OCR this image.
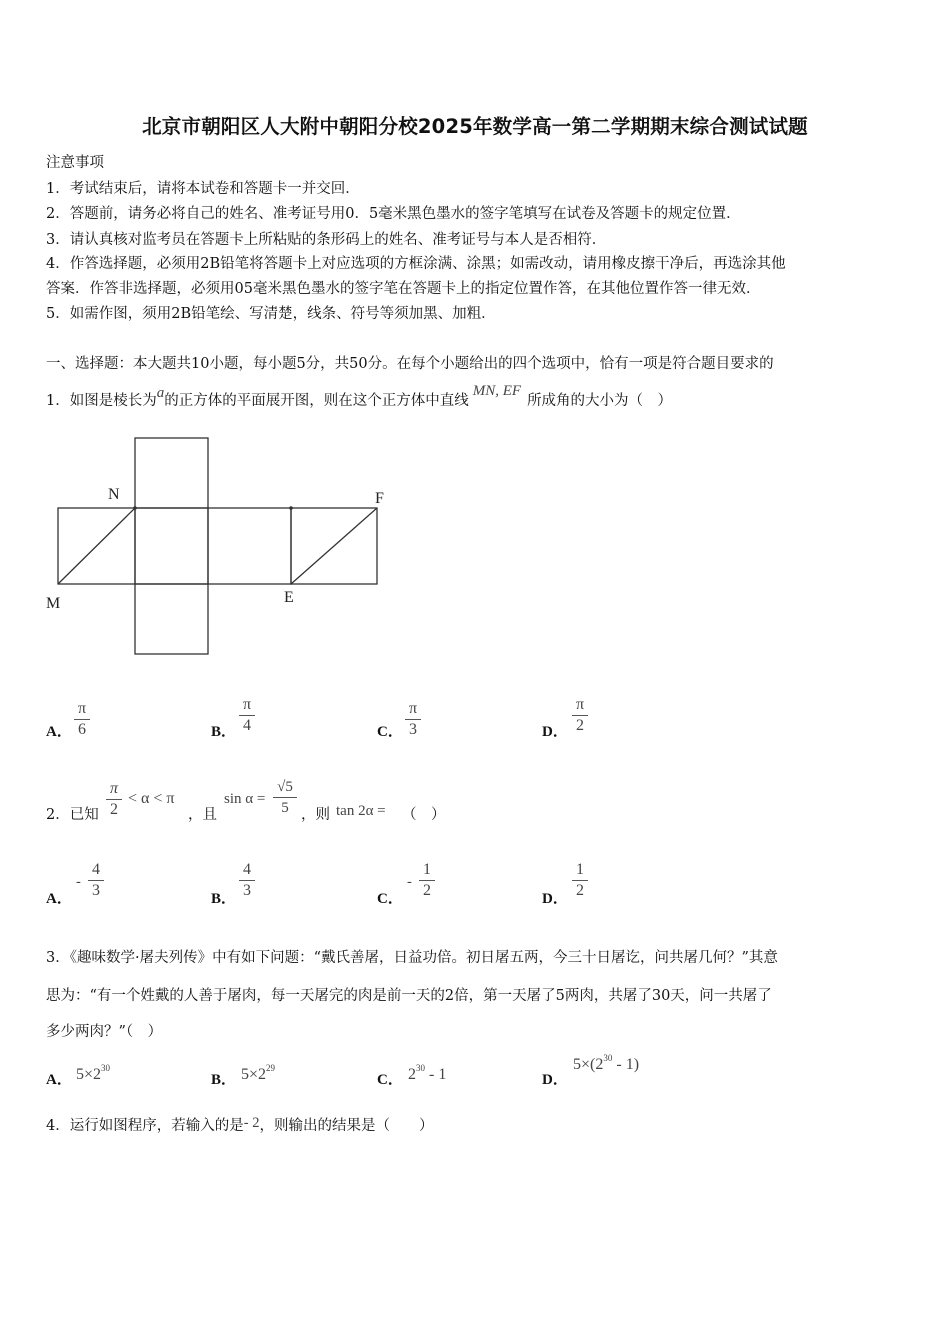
北京市朝阳区人大附中朝阳分校2025年数学高一第二学期期末综合测试试题
注意事项
1．考试结束后，请将本试卷和答题卡一并交回．
2．答题前，请务必将自己的姓名、准考证号用0．5毫米黑色墨水的签字笔填写在试卷及答题卡的规定位置．
3．请认真核对监考员在答题卡上所粘贴的条形码上的姓名、准考证号与本人是否相符．
4．作答选择题，必须用2B铅笔将答题卡上对应选项的方框涂满、涂黑；如需改动，请用橡皮擦干净后，再选涂其他
答案．作答非选择题，必须用05毫米黑色墨水的签字笔在答题卡上的指定位置作答，在其他位置作答一律无效．
5．如需作图，须用2B铅笔绘、写清楚，线条、符号等须加黑、加粗．
一、选择题：本大题共10小题，每小题5分，共50分。在每个小题给出的四个选项中，恰有一项是符合题目要求的
1．如图是棱长为a的正方体的平面展开图，则在这个正方体中直线MN, EF所成角的大小为（　）
N	F
M	E
A．
π
6	B．
π
4	C．
π
3	D．
π
2
2．已知
π
2
< α < π
，且
sin α =
√5
5 ，则 tan 2α = （　）
A．
-
4
3	B．
4
3	C．
-
1
2	D．
1
2
3．《趣味数学·屠夫列传》中有如下问题：“戴氏善屠，日益功倍。初日屠五两，今三十日屠讫，问共屠几何？”其意
思为：“有一个姓戴的人善于屠肉，每一天屠完的肉是前一天的2倍，第一天屠了5两肉，共屠了30天，问一共屠了
多少两肉？”（　）
A． $5\times 2^{30}$
B． $5\times 2^{29}$
C． $2^{30} - 1$	D．
$5\times(2^{30} - 1)$
4．运行如图程序，若输入的是- 2，则输出的结果是（　　）
